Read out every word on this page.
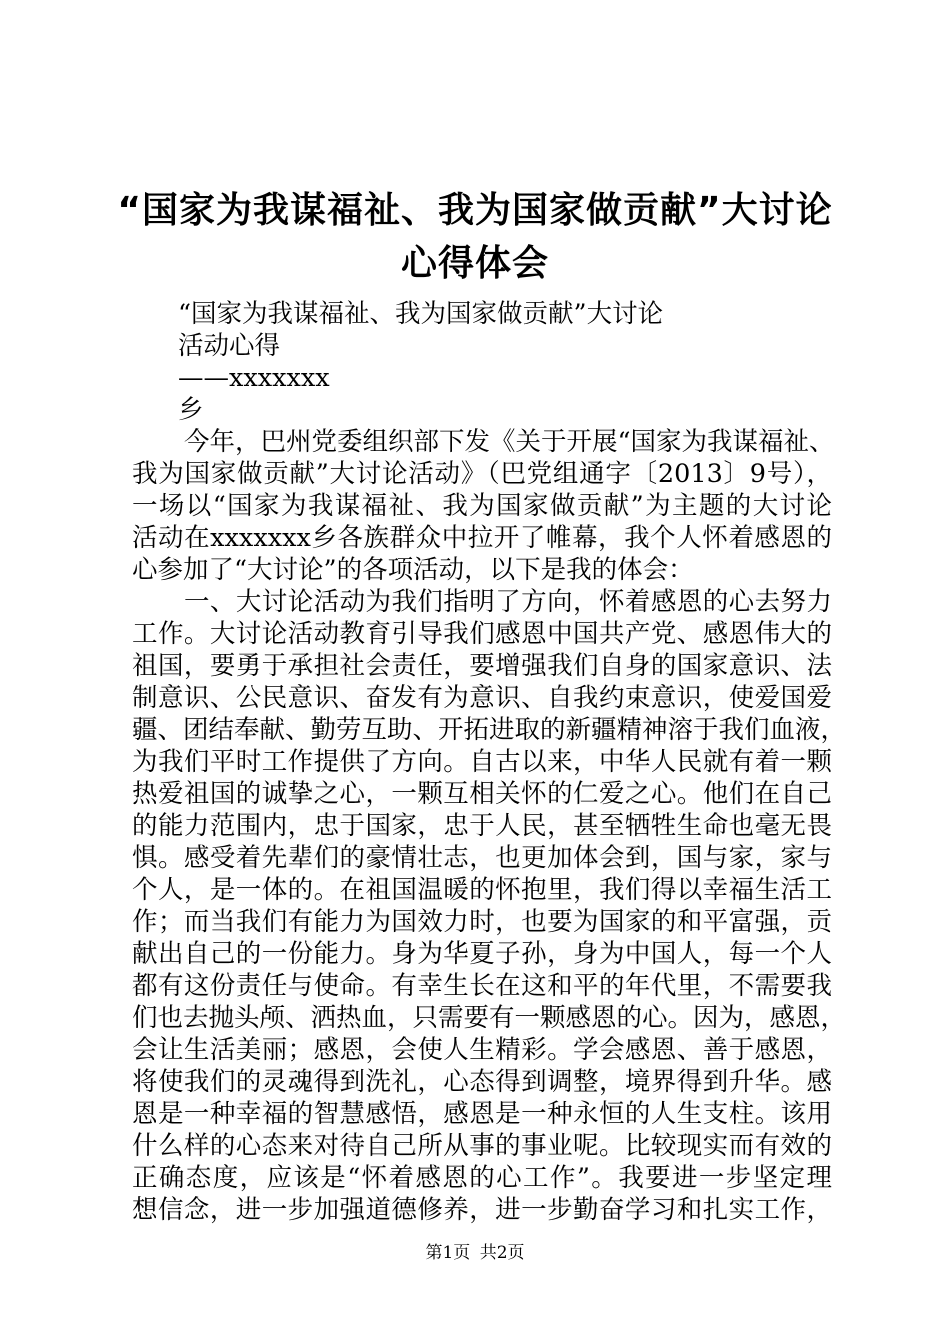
“国家为我谋福祉、我为国家做贡献”大讨论
心得体会
“国家为我谋福祉、我为国家做贡献”大讨论
活动心得
——xxxxxxx
乡
今年，巴州党委组织部下发《关于开展“国家为我谋福祉、
我为国家做贡献”大讨论活动》（巴党组通字〔2013〕9号），
一场以“国家为我谋福祉、我为国家做贡献”为主题的大讨论
活动在xxxxxxx乡各族群众中拉开了帷幕，我个人怀着感恩的
心参加了“大讨论”的各项活动，以下是我的体会：
一、大讨论活动为我们指明了方向，怀着感恩的心去努力
工作。大讨论活动教育引导我们感恩中国共产党、感恩伟大的
祖国，要勇于承担社会责任，要增强我们自身的国家意识、法
制意识、公民意识、奋发有为意识、自我约束意识，使爱国爱
疆、团结奉献、勤劳互助、开拓进取的新疆精神溶于我们血液，
为我们平时工作提供了方向。自古以来，中华人民就有着一颗
热爱祖国的诚挚之心，一颗互相关怀的仁爱之心。他们在自己
的能力范围内，忠于国家，忠于人民，甚至牺牲生命也毫无畏
惧。感受着先辈们的豪情壮志，也更加体会到，国与家，家与
个人，是一体的。在祖国温暖的怀抱里，我们得以幸福生活工
作；而当我们有能力为国效力时，也要为国家的和平富强，贡
献出自己的一份能力。身为华夏子孙，身为中国人，每一个人
都有这份责任与使命。有幸生长在这和平的年代里，不需要我
们也去抛头颅、洒热血，只需要有一颗感恩的心。因为，感恩，
会让生活美丽；感恩，会使人生精彩。学会感恩、善于感恩，
将使我们的灵魂得到洗礼，心态得到调整，境界得到升华。感
恩是一种幸福的智慧感悟，感恩是一种永恒的人生支柱。该用
什么样的心态来对待自己所从事的事业呢。比较现实而有效的
正确态度，应该是“怀着感恩的心工作”。我要进一步坚定理
想信念，进一步加强道德修养，进一步勤奋学习和扎实工作，
第1页 共2页
